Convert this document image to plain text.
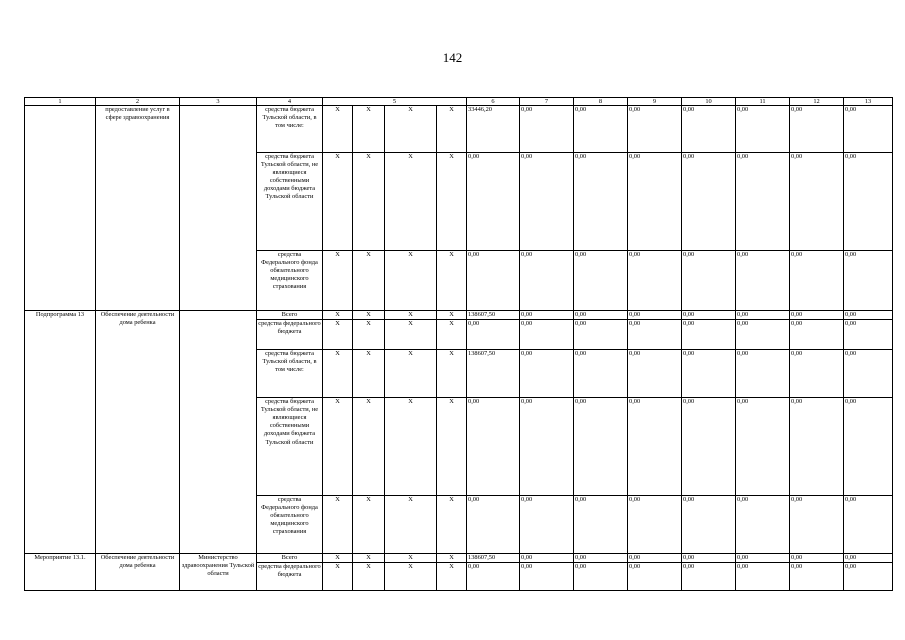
142
1	2	3	4	5				6	7	8	9	10	11	12	13
	предоставление услуг в сфере здравоохранения		средства бюджета Тульской области, в том числе:	X	X	X	X	33446,20	0,00	0,00	0,00	0,00	0,00	0,00	0,00
			средства бюджета Тульской области, не являющиеся собственными доходами бюджета Тульской области	X	X	X	X	0,00	0,00	0,00	0,00	0,00	0,00	0,00	0,00
			средства Федерального фонда обязательного медицинского страхования	X	X	X	X	0,00	0,00	0,00	0,00	0,00	0,00	0,00	0,00
Подпрограмма 13	Обеспечение деятельности дома ребенка		Всего	X	X	X	X	138607,50	0,00	0,00	0,00	0,00	0,00	0,00	0,00
			средства федерального бюджета	X	X	X	X	0,00	0,00	0,00	0,00	0,00	0,00	0,00	0,00
			средства бюджета Тульской области, в том числе:	X	X	X	X	138607,50	0,00	0,00	0,00	0,00	0,00	0,00	0,00
			средства бюджета Тульской области, не являющиеся собственными доходами бюджета Тульской области	X	X	X	X	0,00	0,00	0,00	0,00	0,00	0,00	0,00	0,00
			средства Федерального фонда обязательного медицинского страхования	X	X	X	X	0,00	0,00	0,00	0,00	0,00	0,00	0,00	0,00
Мероприятие 13.1.	Обеспечение деятельности дома ребенка	Министерство здравоохранения Тульской области	Всего	X	X	X	X	138607,50	0,00	0,00	0,00	0,00	0,00	0,00	0,00
			средства федерального бюджета	X	X	X	X	0,00	0,00	0,00	0,00	0,00	0,00	0,00	0,00
